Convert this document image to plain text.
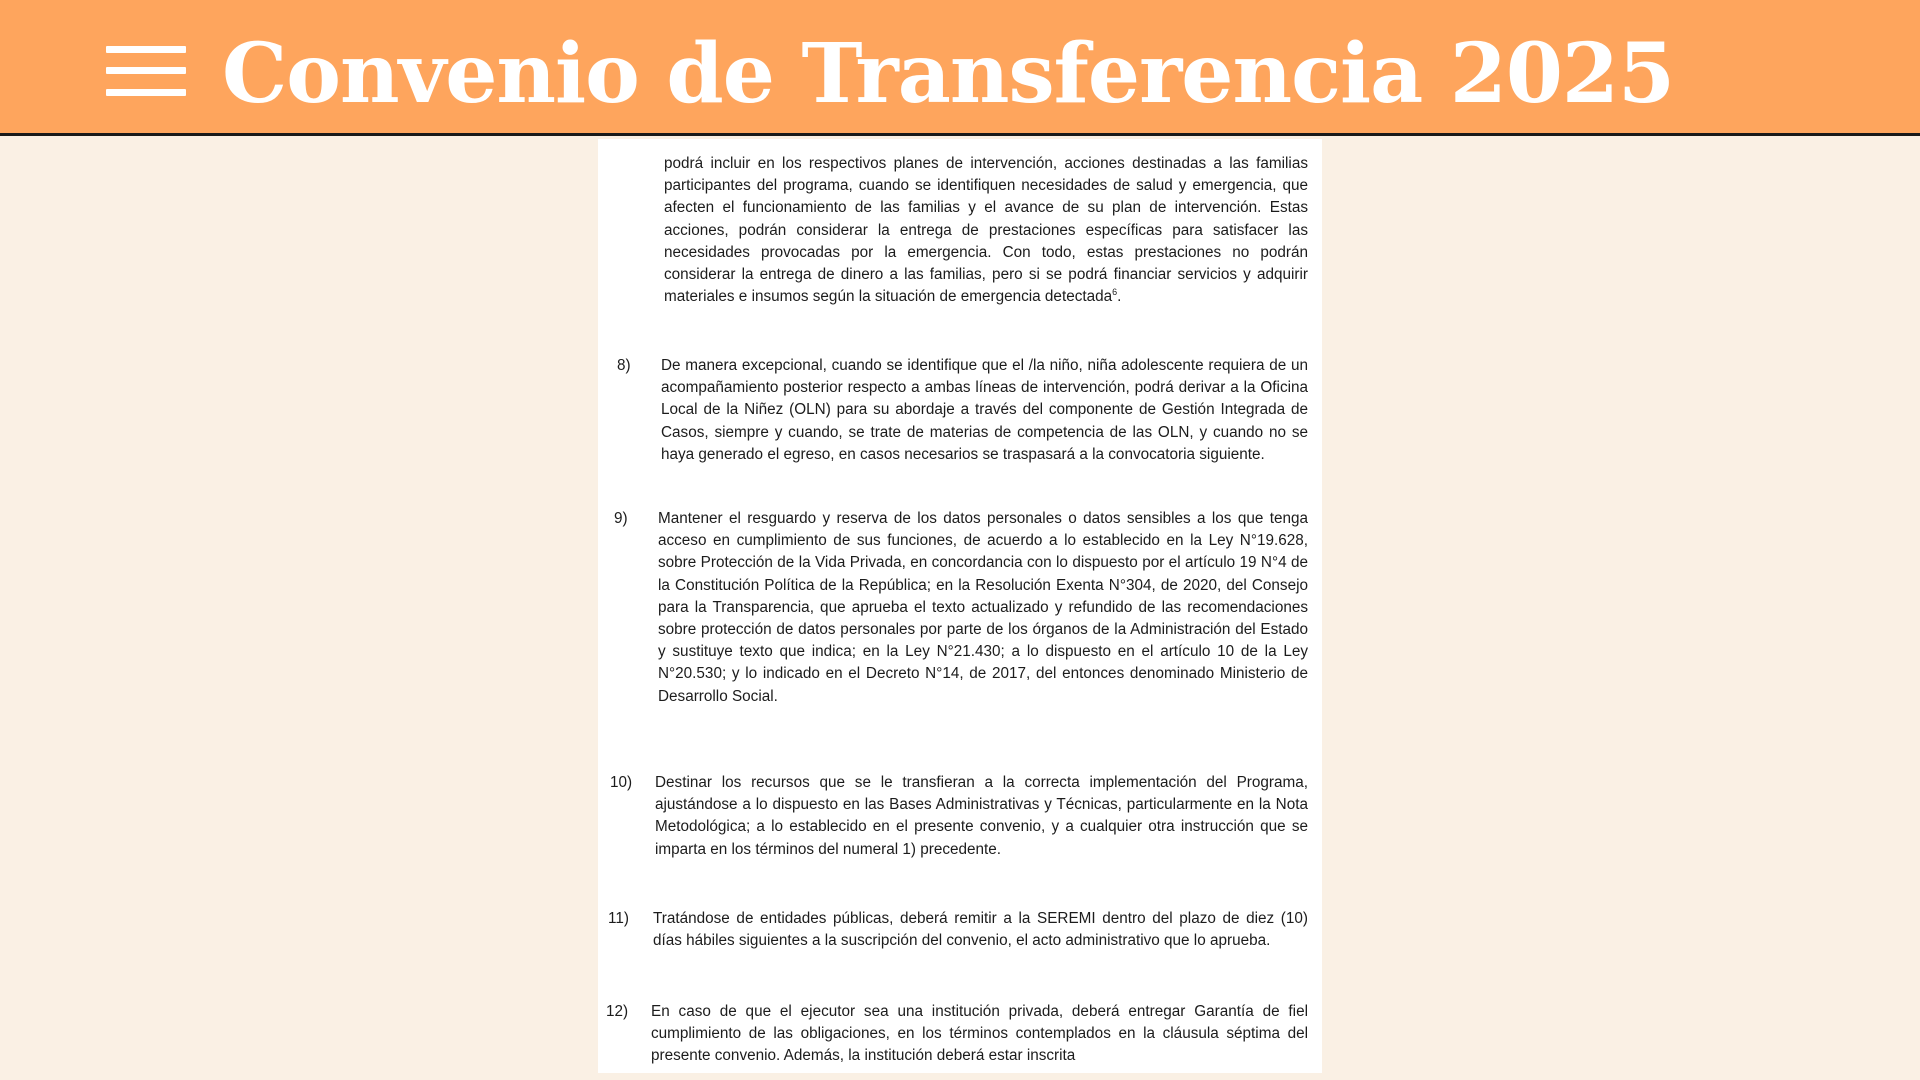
Convenio de Transferencia 2025
podrá incluir en los respectivos planes de intervención, acciones destinadas a las familias participantes del programa, cuando se identifiquen necesidades de salud y emergencia, que afecten el funcionamiento de las familias y el avance de su plan de intervención. Estas acciones, podrán considerar la entrega de prestaciones específicas para satisfacer las necesidades provocadas por la emergencia. Con todo, estas prestaciones no podrán considerar la entrega de dinero a las familias, pero si se podrá financiar servicios y adquirir materiales e insumos según la situación de emergencia detectada$^6$.
8) De manera excepcional, cuando se identifique que el /la niño, niña adolescente requiera de un acompañamiento posterior respecto a ambas líneas de intervención, podrá derivar a la Oficina Local de la Niñez (OLN) para su abordaje a través del componente de Gestión Integrada de Casos, siempre y cuando, se trate de materias de competencia de las OLN, y cuando no se haya generado el egreso, en casos necesarios se traspasará a la convocatoria siguiente.
9) Mantener el resguardo y reserva de los datos personales o datos sensibles a los que tenga acceso en cumplimiento de sus funciones, de acuerdo a lo establecido en la Ley N°19.628, sobre Protección de la Vida Privada, en concordancia con lo dispuesto por el artículo 19 N°4 de la Constitución Política de la República; en la Resolución Exenta N°304, de 2020, del Consejo para la Transparencia, que aprueba el texto actualizado y refundido de las recomendaciones sobre protección de datos personales por parte de los órganos de la Administración del Estado y sustituye texto que indica; en la Ley N°21.430; a lo dispuesto en el artículo 10 de la Ley N°20.530; y lo indicado en el Decreto N°14, de 2017, del entonces denominado Ministerio de Desarrollo Social.
10) Destinar los recursos que se le transfieran a la correcta implementación del Programa, ajustándose a lo dispuesto en las Bases Administrativas y Técnicas, particularmente en la Nota Metodológica; a lo establecido en el presente convenio, y a cualquier otra instrucción que se imparta en los términos del numeral 1) precedente.
11) Tratándose de entidades públicas, deberá remitir a la SEREMI dentro del plazo de diez (10) días hábiles siguientes a la suscripción del convenio, el acto administrativo que lo aprueba.
12) En caso de que el ejecutor sea una institución privada, deberá entregar Garantía de fiel cumplimiento de las obligaciones, en los términos contemplados en la cláusula séptima del presente convenio. Además, la institución deberá estar inscrita
